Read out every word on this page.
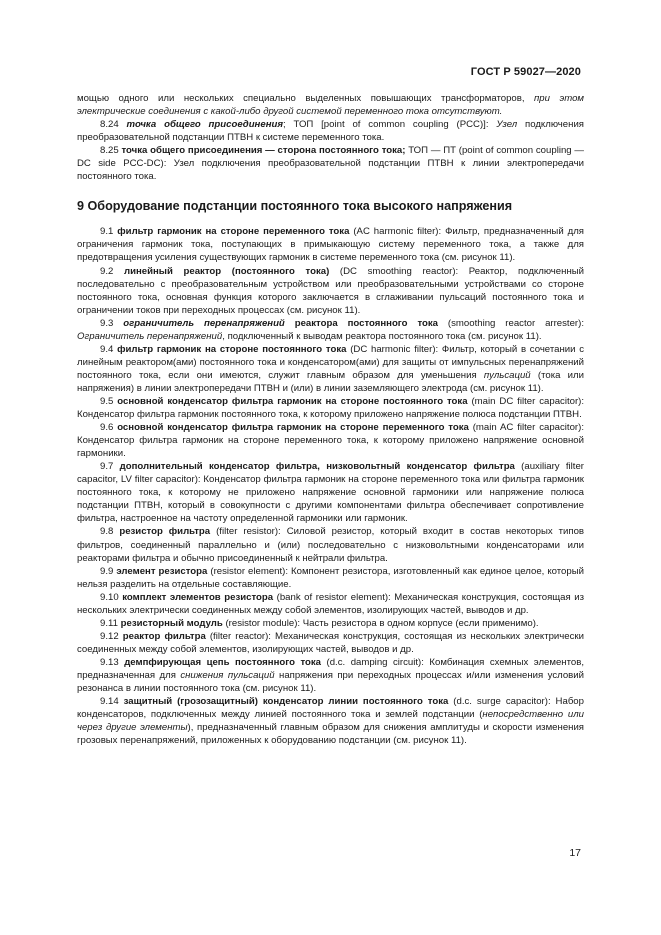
ГОСТ Р 59027—2020

мощью одного или нескольких специально выделенных повышающих трансформаторов, при этом электрические соединения с какой-либо другой системой переменного тока отсутствуют.

8.24 точка общего присоединения; ТОП [point of common coupling (PCC)]: Узел подключения преобразовательной подстанции ПТВН к системе переменного тока.

8.25 точка общего присоединения — сторона постоянного тока; ТОП — ПТ (point of common coupling — DC side PCC-DC): Узел подключения преобразовательной подстанции ПТВН к линии электропередачи постоянного тока.

9 Оборудование подстанции постоянного тока высокого напряжения

9.1 фильтр гармоник на стороне переменного тока (AC harmonic filter): Фильтр, предназначенный для ограничения гармоник тока, поступающих в примыкающую систему переменного тока, а также для предотвращения усиления существующих гармоник в системе переменного тока (см. рисунок 11).

9.2 линейный реактор (постоянного тока) (DC smoothing reactor): Реактор, подключенный последовательно с преобразовательным устройством или преобразовательными устройствами со стороне постоянного тока, основная функция которого заключается в сглаживании пульсаций постоянного тока и ограничении токов при переходных процессах (см. рисунок 11).

9.3 ограничитель перенапряжений реактора постоянного тока (smoothing reactor arrester): Ограничитель перенапряжений, подключенный к выводам реактора постоянного тока (см. рисунок 11).

9.4 фильтр гармоник на стороне постоянного тока (DC harmonic filter): Фильтр, который в сочетании с линейным реактором(ами) постоянного тока и конденсатором(ами) для защиты от импульсных перенапряжений постоянного тока, если они имеются, служит главным образом для уменьшения пульсаций (тока или напряжения) в линии электропередачи ПТВН и (или) в линии заземляющего электрода (см. рисунок 11).

9.5 основной конденсатор фильтра гармоник на стороне постоянного тока (main DC filter capacitor): Конденсатор фильтра гармоник постоянного тока, к которому приложено напряжение полюса подстанции ПТВН.

9.6 основной конденсатор фильтра гармоник на стороне переменного тока (main AC filter capacitor): Конденсатор фильтра гармоник на стороне переменного тока, к которому приложено напряжение основной гармоники.

9.7 дополнительный конденсатор фильтра, низковольтный конденсатор фильтра (auxiliary filter capacitor, LV filter capacitor): Конденсатор фильтра гармоник на стороне переменного тока или фильтра гармоник постоянного тока, к которому не приложено напряжение основной гармоники или напряжение полюса подстанции ПТВН, который в совокупности с другими компонентами фильтра обеспечивает сопротивление фильтра, настроенное на частоту определенной гармоники или гармоник.

9.8 резистор фильтра (filter resistor): Силовой резистор, который входит в состав некоторых типов фильтров, соединенный параллельно и (или) последовательно с низковольтными конденсаторами или реакторами фильтра и обычно присоединенный к нейтрали фильтра.

9.9 элемент резистора (resistor element): Компонент резистора, изготовленный как единое целое, который нельзя разделить на отдельные составляющие.

9.10 комплект элементов резистора (bank of resistor element): Механическая конструкция, состоящая из нескольких электрически соединенных между собой элементов, изолирующих частей, выводов и др.

9.11 резисторный модуль (resistor module): Часть резистора в одном корпусе (если применимо).

9.12 реактор фильтра (filter reactor): Механическая конструкция, состоящая из нескольких электрически соединенных между собой элементов, изолирующих частей, выводов и др.

9.13 демпфирующая цепь постоянного тока (d.c. damping circuit): Комбинация схемных элементов, предназначенная для снижения пульсаций напряжения при переходных процессах и/или изменения условий резонанса в линии постоянного тока (см. рисунок 11).

9.14 защитный (грозозащитный) конденсатор линии постоянного тока (d.c. surge capacitor): Набор конденсаторов, подключенных между линией постоянного тока и землей подстанции (непосредственно или через другие элементы), предназначенный главным образом для снижения амплитуды и скорости изменения грозовых перенапряжений, приложенных к оборудованию подстанции (см. рисунок 11).

17
